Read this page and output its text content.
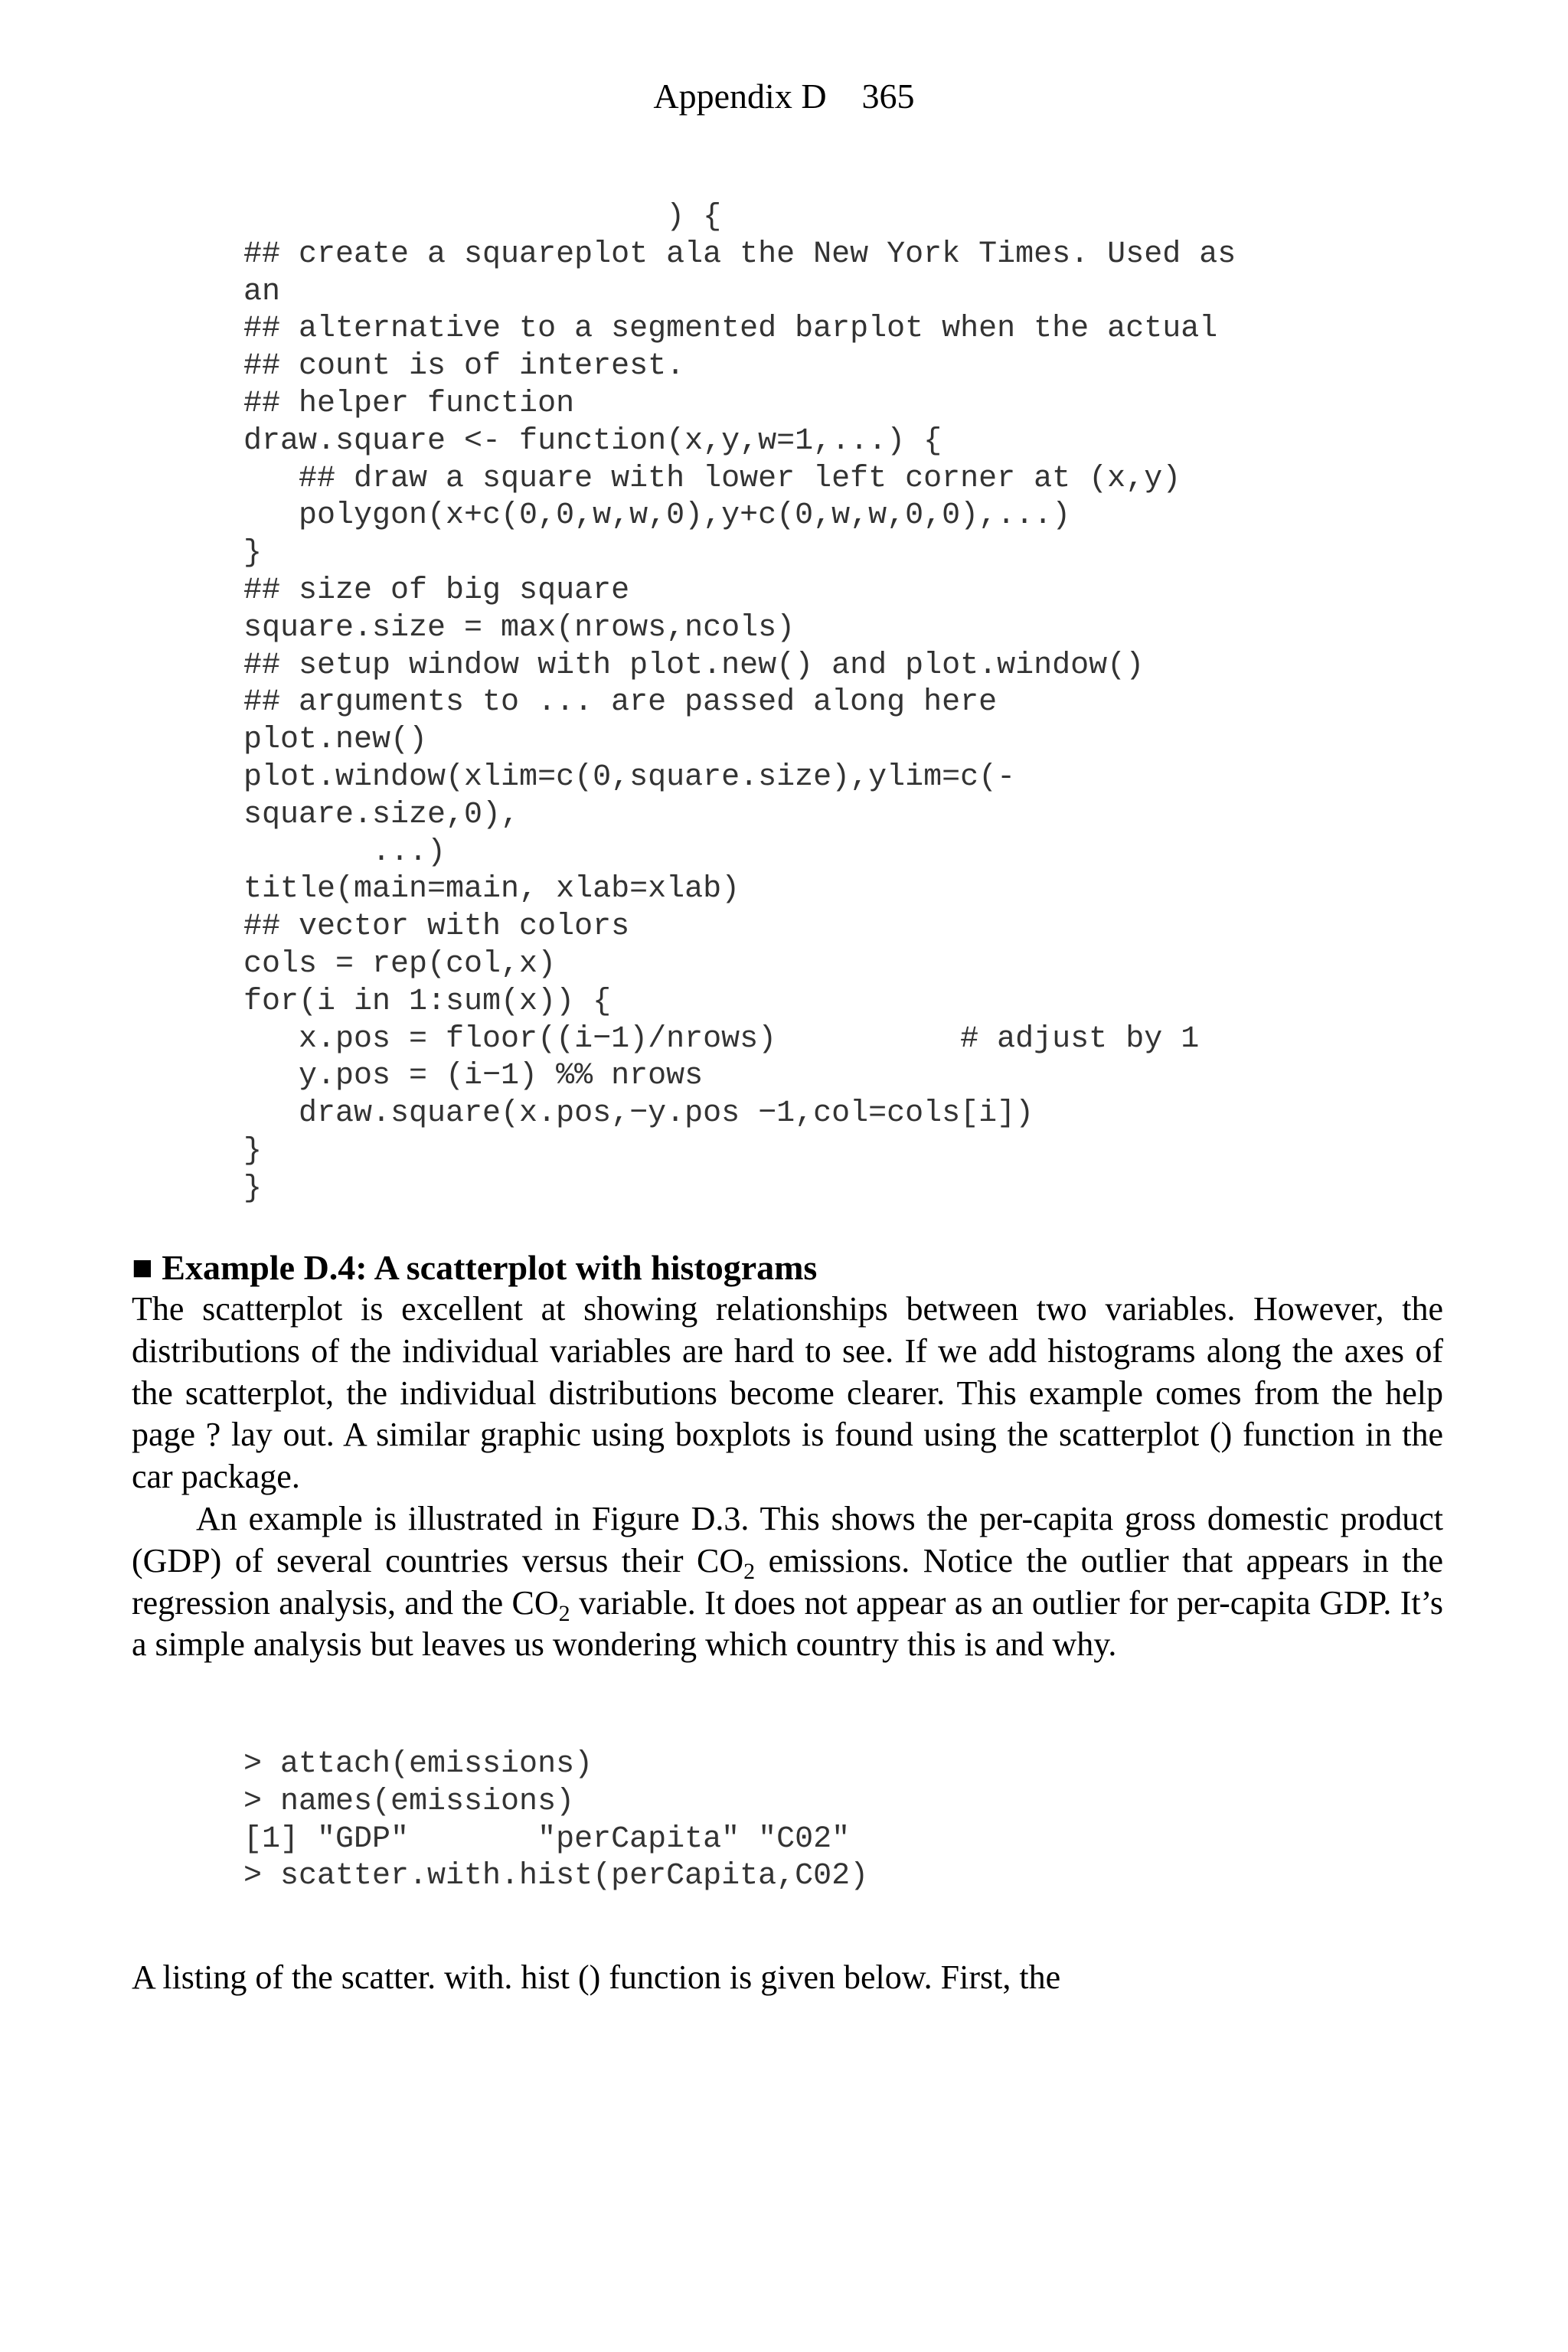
Appendix D    365
) {
## create a squareplot ala the New York Times. Used as
an
## alternative to a segmented barplot when the actual
## count is of interest.
## helper function
draw.square <- function(x,y,w=1,...) {
## draw a square with lower left corner at (x,y)
polygon(x+c(0,0,w,w,0),y+c(0,w,w,0,0),...)
}
## size of big square
square.size = max(nrows,ncols)
## setup window with plot.new() and plot.window()
## arguments to ... are passed along here
plot.new()
plot.window(xlim=c(0,square.size),ylim=c(-
square.size,0),
...)
title(main=main, xlab=xlab)
## vector with colors
cols = rep(col,x)
for(i in 1:sum(x)) {
x.pos = floor((i−1)/nrows)          # adjust by 1
y.pos = (i−1) %% nrows
draw.square(x.pos,−y.pos −1,col=cols[i])
}
}
■ Example D.4: A scatterplot with histograms

The scatterplot is excellent at showing relationships between two variables. However, the distributions of the individual variables are hard to see. If we add histograms along the axes of the scatterplot, the individual distributions become clearer. This example comes from the help page ? lay out. A similar graphic using boxplots is found using the scatterplot () function in the car package.

An example is illustrated in Figure D.3. This shows the per-capita gross domestic product (GDP) of several countries versus their $CO_2$ emissions. Notice the outlier that appears in the regression analysis, and the $CO_2$ variable. It does not appear as an outlier for per-capita GDP. It’s a simple analysis but leaves us wondering which country this is and why.

> attach(emissions)
> names(emissions)
[1] "GDP"       "perCapita" "C02"
> scatter.with.hist(perCapita,C02)

A listing of the scatter. with. hist () function is given below. First, the
